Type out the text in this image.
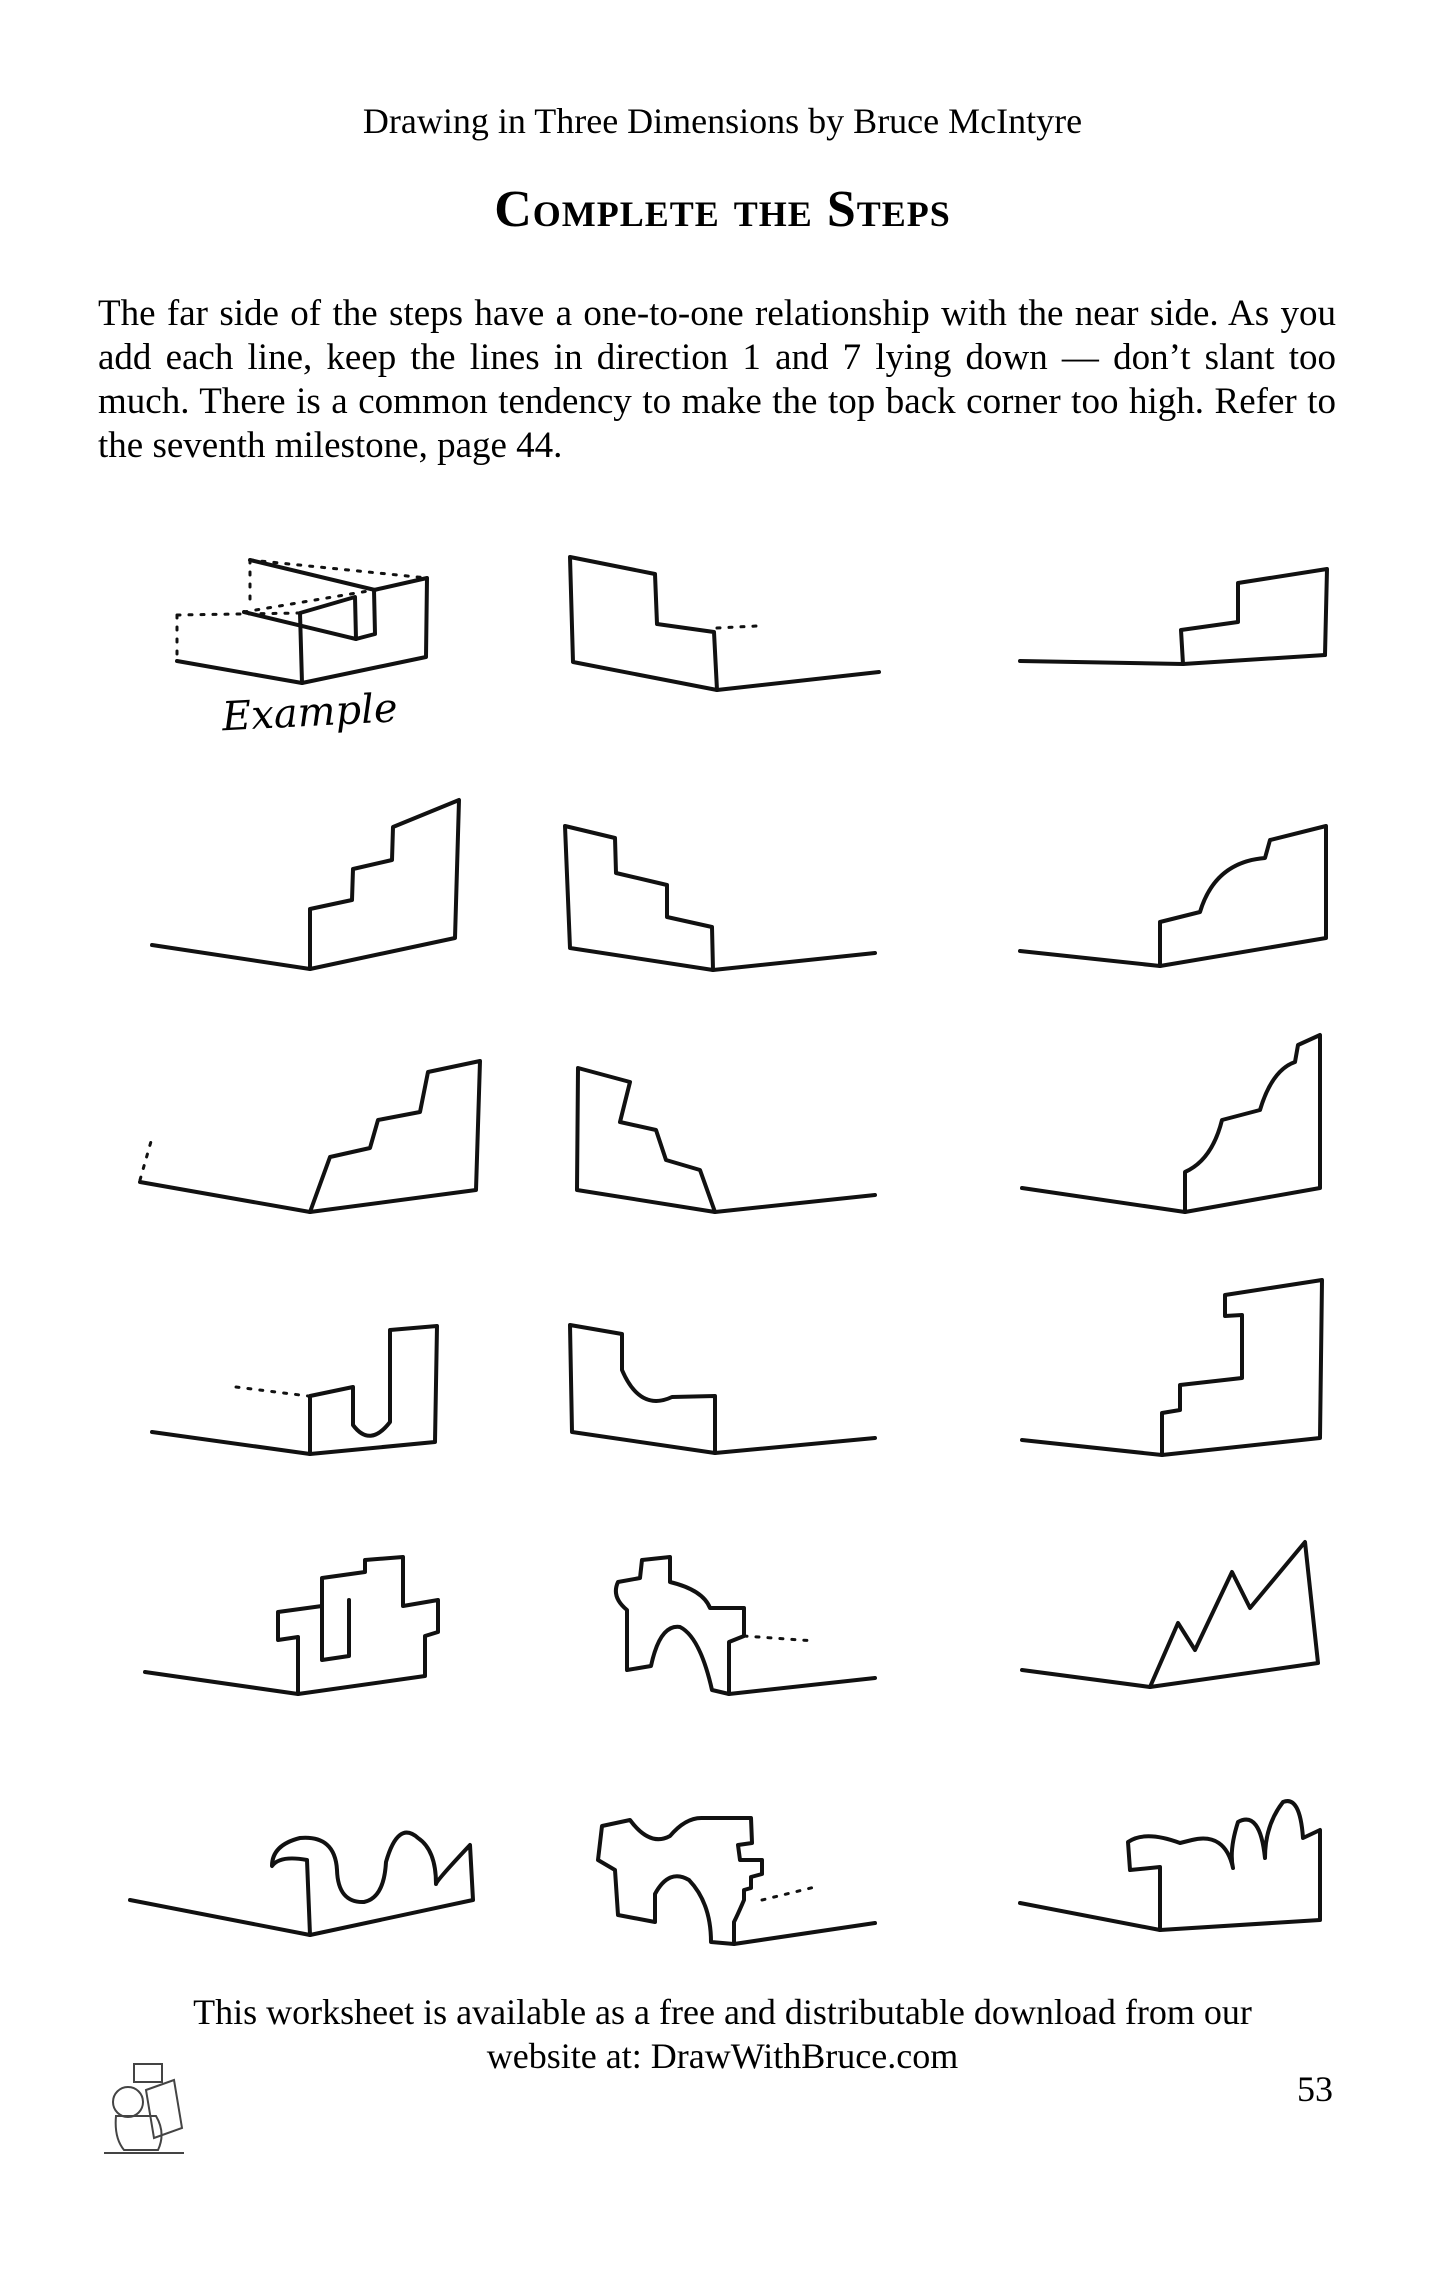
Drawing in Three Dimensions by Bruce McIntyre
Complete the Steps
The far side of the steps have a one-to-one relationship with the near side. As you add each line, keep the lines in direction 1 and 7 lying down — don’t slant too much. There is a common tendency to make the top back corner too high. Refer to the seventh milestone, page 44.
Example
This worksheet is available as a free and distributable download from our
website at: DrawWithBruce.com
53
